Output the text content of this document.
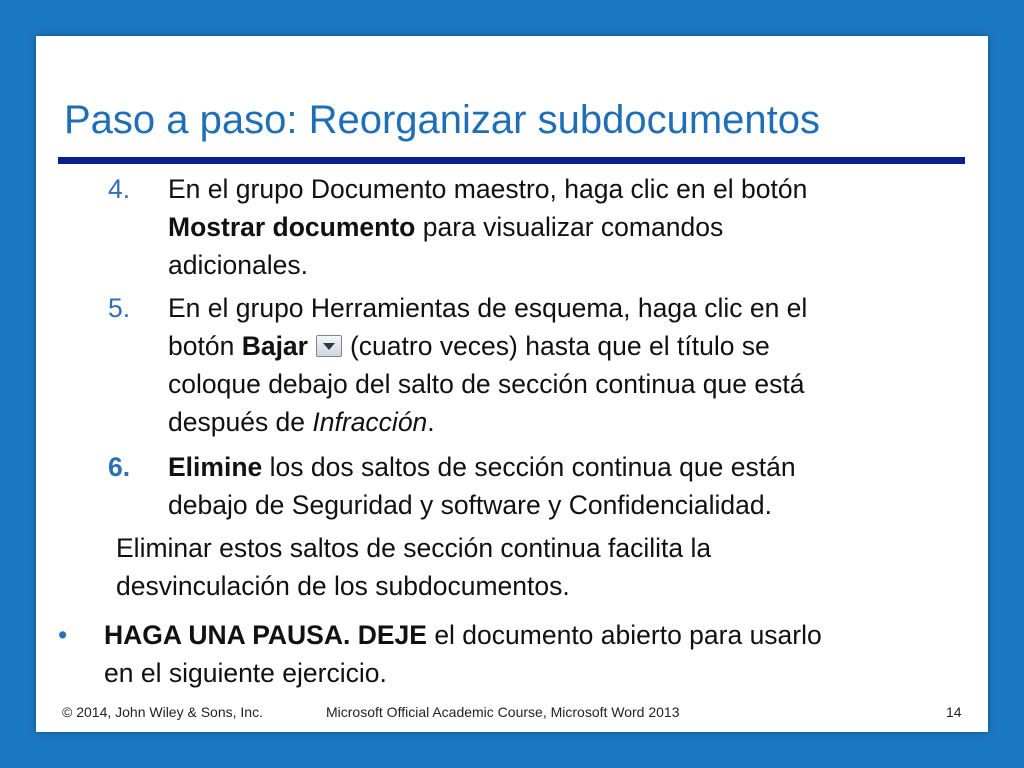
Paso a paso: Reorganizar subdocumentos
4. En el grupo Documento maestro, haga clic en el botón
Mostrar documento para visualizar comandos
adicionales.
5. En el grupo Herramientas de esquema, haga clic en el
botón Bajar (cuatro veces) hasta que el título se
coloque debajo del salto de sección continua que está
después de Infracción.
6. Elimine los dos saltos de sección continua que están
debajo de Seguridad y software y Confidencialidad.
Eliminar estos saltos de sección continua facilita la
desvinculación de los subdocumentos.
• HAGA UNA PAUSA. DEJE el documento abierto para usarlo
en el siguiente ejercicio.
© 2014, John Wiley & Sons, Inc.	Microsoft Official Academic Course, Microsoft Word 2013	14
